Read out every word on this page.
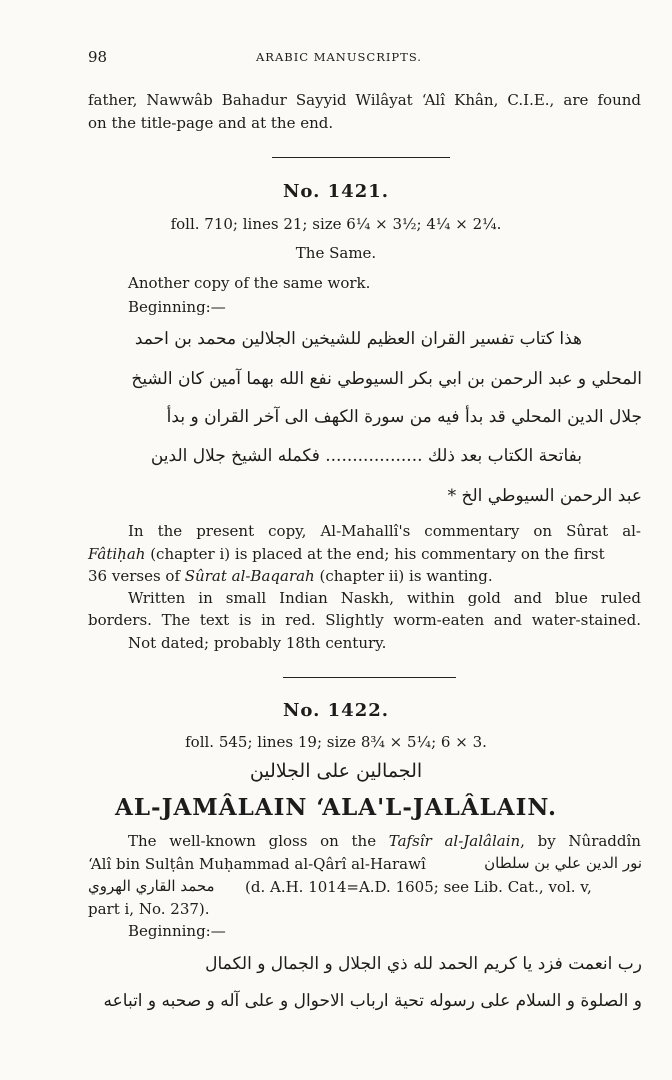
98	ARABIC MANUSCRIPTS.

father, Nawwâb Bahadur Sayyid Wilâyat ‘Alî Khân, C.I.E., are found

on the title-page and at the end.

No. 1421.
foll. 710; lines 21; size 6¼ × 3½; 4¼ × 2¼.
The Same.

Another copy of the same work.

Beginning:—

هذا كتاب تفسير القران العظيم للشيخين الجلالين محمد بن احمد
المحلي و عبد الرحمن بن ابي بكر السيوطي نفع الله بهما آمين كان الشيخ
جلال الدين المحلي قد بدأ فيه من سورة الكهف الى آخر القران و بدأ
بفاتحة الكتاب بعد ذلك .................. فكمله الشيخ جلال الدين
عبد الرحمن السيوطي الخ *

In the present copy, Al-Mahallî's commentary on Sûrat al-

Fâtiḥah (chapter i) is placed at the end; his commentary on the first

36 verses of Sûrat al-Baqarah (chapter ii) is wanting.

Written in small Indian Naskh, within gold and blue ruled

borders. The text is in red. Slightly worm-eaten and water-stained.

Not dated; probably 18th century.

No. 1422.
foll. 545; lines 19; size 8¾ × 5¼; 6 × 3.
الجمالين على الجلالين
AL-JAMÂLAIN ‘ALA'L-JALÂLAIN.

The well-known gloss on the Tafsîr al-Jalâlain, by Nûraddîn

‘Alî bin Sulṭân Muḥammad al-Qârî al-Harawî	نور الدين علي بن سلطان
محمد القاري الهروي (d. A.H. 1014=A.D. 1605; see Lib. Cat., vol. v,

part i, No. 237).

Beginning:—

رب انعمت فزد يا كريم الحمد لله ذي الجلال و الجمال و الكمال
و الصلوة و السلام على رسوله تحية ارباب الاحوال و على آله و صحبه و اتباعه
